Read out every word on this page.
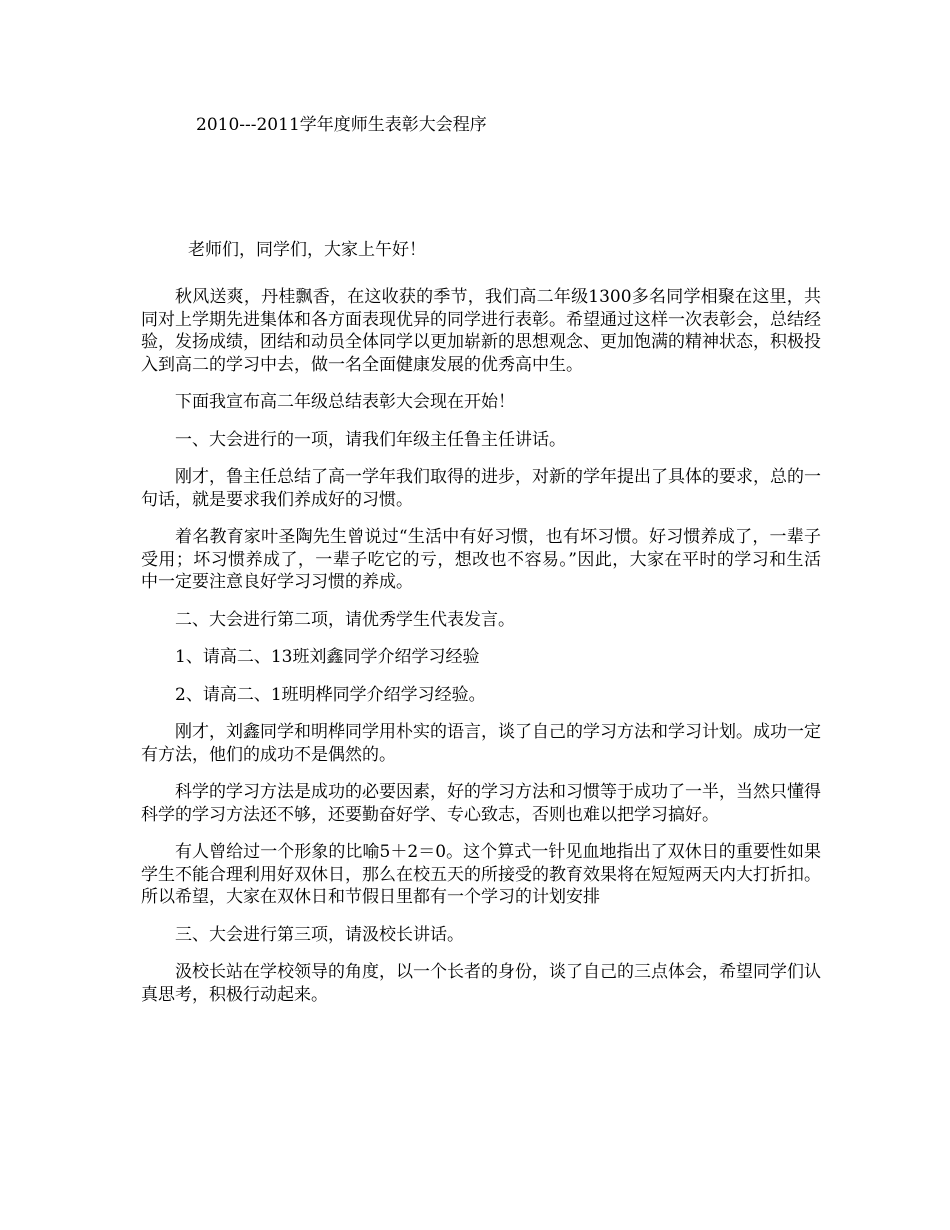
2010---2011学年度师生表彰大会程序

老师们，同学们，大家上午好！

秋风送爽，丹桂飘香，在这收获的季节，我们高二年级1300多名同学相聚在这里，共同对上学期先进集体和各方面表现优异的同学进行表彰。希望通过这样一次表彰会，总结经验，发扬成绩，团结和动员全体同学以更加崭新的思想观念、更加饱满的精神状态，积极投入到高二的学习中去，做一名全面健康发展的优秀高中生。

下面我宣布高二年级总结表彰大会现在开始！

一、大会进行的一项，请我们年级主任鲁主任讲话。

刚才，鲁主任总结了高一学年我们取得的进步，对新的学年提出了具体的要求，总的一句话，就是要求我们养成好的习惯。

着名教育家叶圣陶先生曾说过“生活中有好习惯，也有坏习惯。好习惯养成了，一辈子受用；坏习惯养成了，一辈子吃它的亏，想改也不容易。”因此，大家在平时的学习和生活中一定要注意良好学习习惯的养成。

二、大会进行第二项，请优秀学生代表发言。

1、请高二、13班刘鑫同学介绍学习经验

2、请高二、1班明桦同学介绍学习经验。

刚才，刘鑫同学和明桦同学用朴实的语言，谈了自己的学习方法和学习计划。成功一定有方法，他们的成功不是偶然的。

科学的学习方法是成功的必要因素，好的学习方法和习惯等于成功了一半，当然只懂得科学的学习方法还不够，还要勤奋好学、专心致志，否则也难以把学习搞好。

有人曾给过一个形象的比喻5＋2＝0。这个算式一针见血地指出了双休日的重要性如果学生不能合理利用好双休日，那么在校五天的所接受的教育效果将在短短两天内大打折扣。所以希望，大家在双休日和节假日里都有一个学习的计划安排

三、大会进行第三项，请汲校长讲话。

汲校长站在学校领导的角度，以一个长者的身份，谈了自己的三点体会，希望同学们认真思考，积极行动起来。
